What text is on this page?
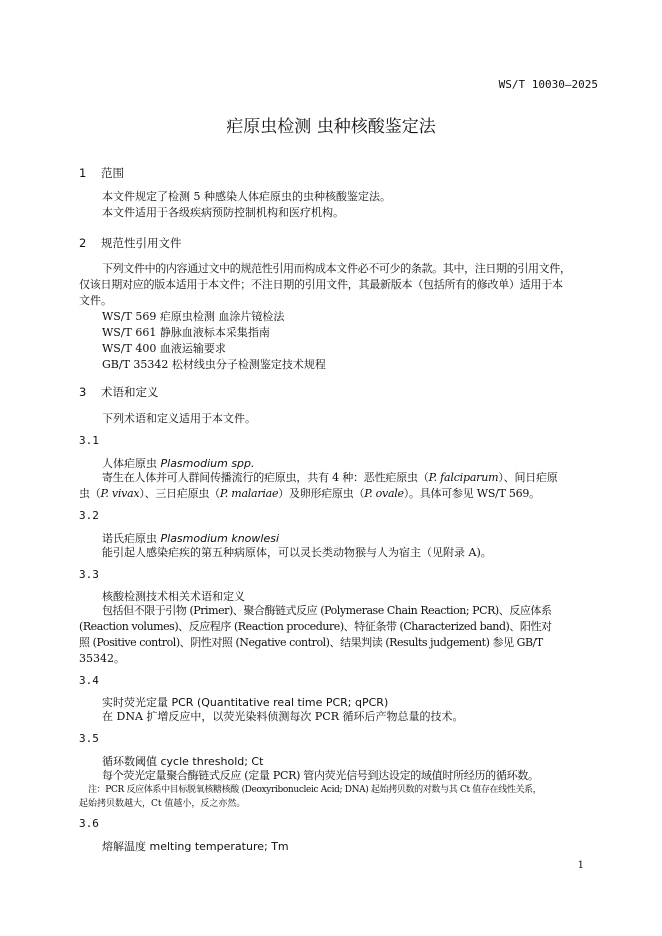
WS/T 10030—2025
疟原虫检测 虫种核酸鉴定法
1 范围
本文件规定了检测 5 种感染人体疟原虫的虫种核酸鉴定法。
本文件适用于各级疾病预防控制机构和医疗机构。
2 规范性引用文件
下列文件中的内容通过文中的规范性引用而构成本文件必不可少的条款。其中，注日期的引用文件，
仅该日期对应的版本适用于本文件；不注日期的引用文件，其最新版本（包括所有的修改单）适用于本
文件。
WS/T 569 疟原虫检测 血涂片镜检法
WS/T 661 静脉血液标本采集指南
WS/T 400 血液运输要求
GB/T 35342 松材线虫分子检测鉴定技术规程
3 术语和定义
下列术语和定义适用于本文件。
3.1
人体疟原虫 Plasmodium spp.
寄生在人体并可人群间传播流行的疟原虫，共有 4 种：恶性疟原虫（P. falciparum）、间日疟原
虫（P. vivax）、三日疟原虫（P. malariae）及卵形疟原虫（P. ovale）。具体可参见 WS/T 569。
3.2
诺氏疟原虫 Plasmodium knowlesi
能引起人感染疟疾的第五种病原体，可以灵长类动物猴与人为宿主（见附录 A)。
3.3
核酸检测技术相关术语和定义
包括但不限于引物 (Primer)、聚合酶链式反应 (Polymerase Chain Reaction; PCR)、反应体系
(Reaction volumes)、反应程序 (Reaction procedure)、特征条带 (Characterized band)、阳性对
照 (Positive control)、阴性对照 (Negative control)、结果判读 (Results judgement) 参见 GB/T
35342。
3.4
实时荧光定量 PCR (Quantitative real time PCR; qPCR)
在 DNA 扩增反应中，以荧光染料侦测每次 PCR 循环后产物总量的技术。
3.5
循环数阈值 cycle threshold; Ct
每个荧光定量聚合酶链式反应 (定量 PCR) 管内荧光信号到达设定的域值时所经历的循环数。
注：PCR 反应体系中目标脱氧核糖核酸 (Deoxyribonucleic Acid; DNA) 起始拷贝数的对数与其 Ct 值存在线性关系，
起始拷贝数越大，Ct 值越小，反之亦然。
3.6
熔解温度 melting temperature; Tm
1
